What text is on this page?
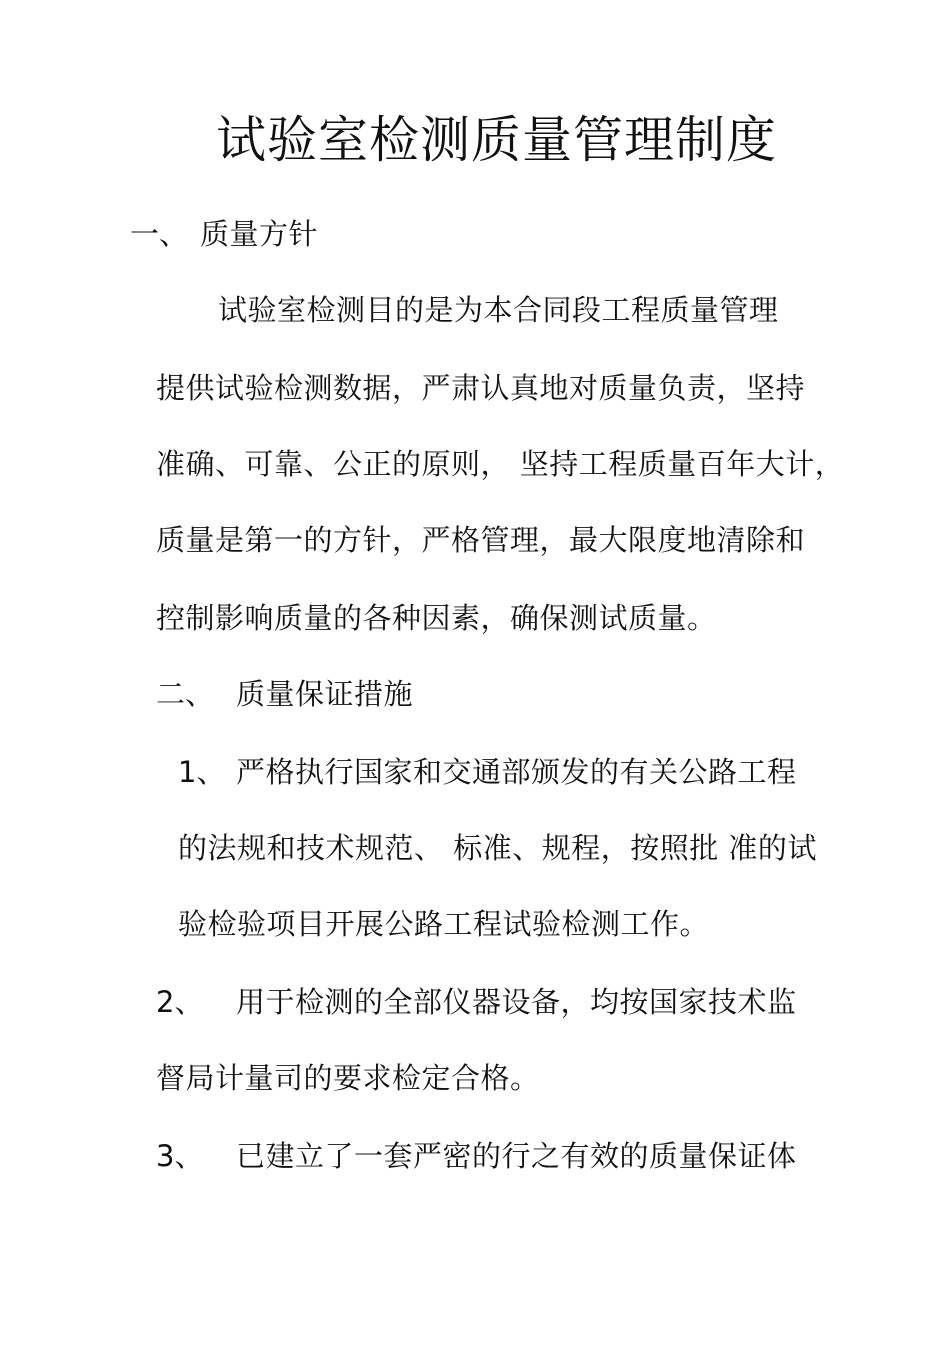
试验室检测质量管理制度
一、 质量方针
试验室检测目的是为本合同段工程质量管理
提供试验检测数据，严肃认真地对质量负责，坚持
准确、可靠、公正的原则， 坚持工程质量百年大计，
质量是第一的方针，严格管理，最大限度地清除和
控制影响质量的各种因素，确保测试质量。
二、 质量保证措施
1、 严格执行国家和交通部颁发的有关公路工程
的法规和技术规范、 标准、规程，按照批 准的试
验检验项目开展公路工程试验检测工作。
2、 用于检测的全部仪器设备，均按国家技术监
督局计量司的要求检定合格。
3、 已建立了一套严密的行之有效的质量保证体
